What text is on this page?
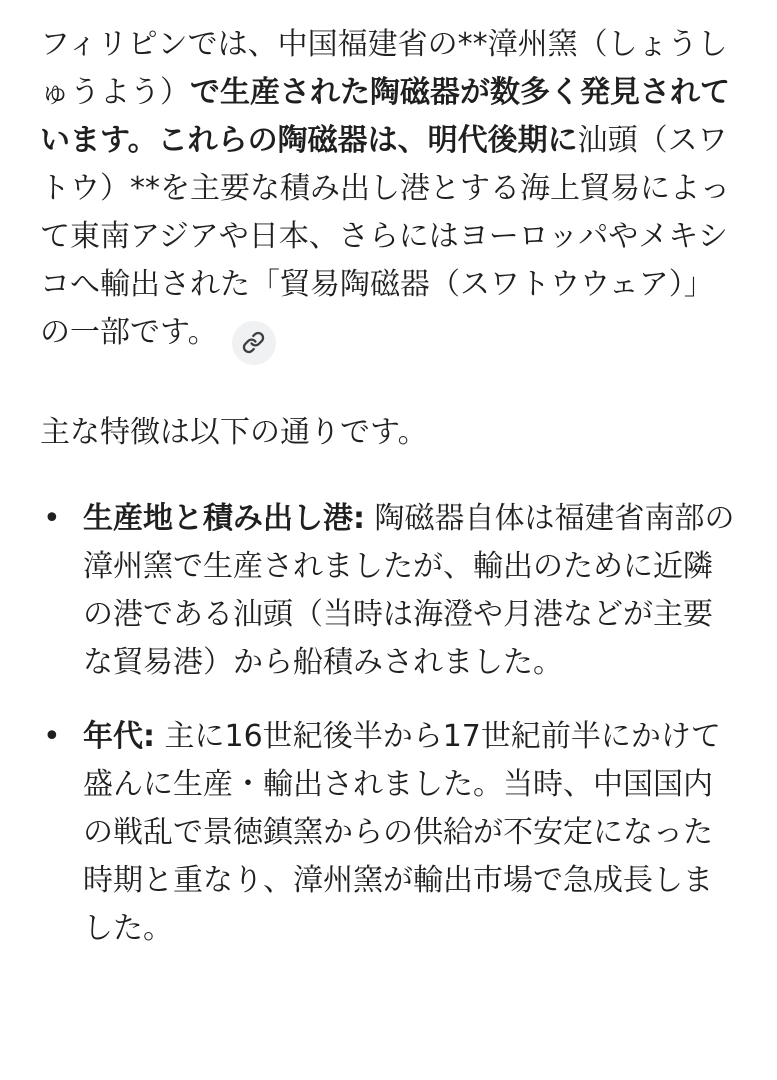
フィリピンでは、中国福建省の**漳州窯（しょうしゅうよう）で生産された陶磁器が数多く発見されています。これらの陶磁器は、明代後期に汕頭（スワトウ）**を主要な積み出し港とする海上貿易によって東南アジアや日本、さらにはヨーロッパやメキシコへ輸出された「貿易陶磁器（スワトウウェア）」の一部です。

主な特徴は以下の通りです。

• 生産地と積み出し港: 陶磁器自体は福建省南部の漳州窯で生産されましたが、輸出のために近隣の港である汕頭（当時は海澄や月港などが主要な貿易港）から船積みされました。
• 年代: 主に16世紀後半から17世紀前半にかけて盛んに生産・輸出されました。当時、中国国内の戦乱で景徳鎮窯からの供給が不安定になった時期と重なり、漳州窯が輸出市場で急成長しました。
